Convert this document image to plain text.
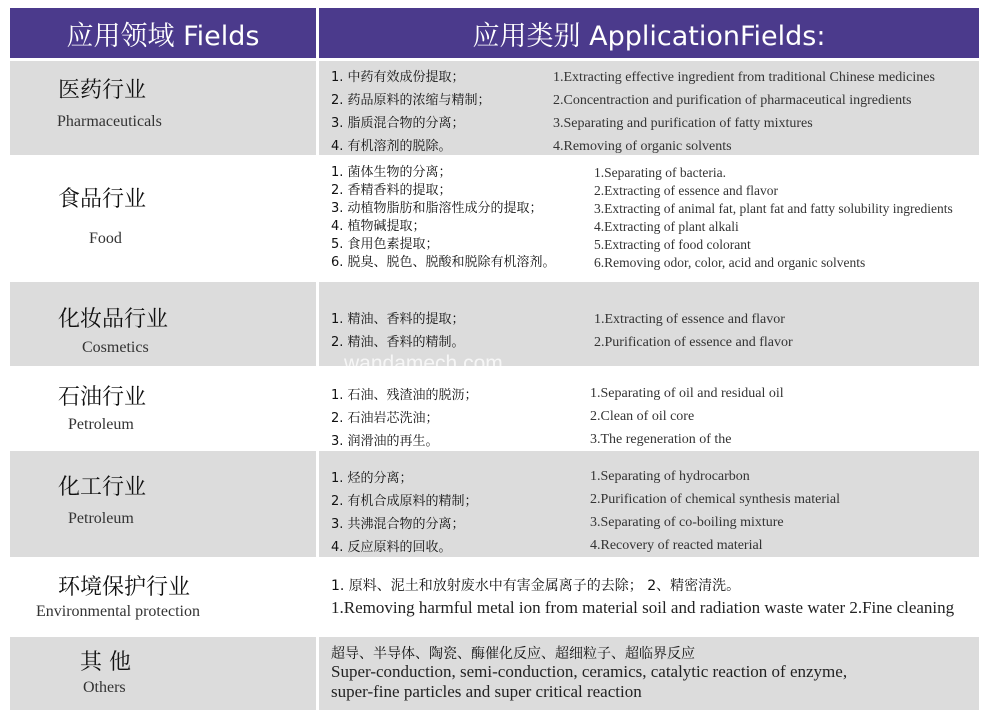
应用领域 Fields	应用类别 ApplicationFields:
医药行业
Pharmaceuticals
1. 中药有效成份提取；
2. 药品原料的浓缩与精制；
3. 脂质混合物的分离；
4. 有机溶剂的脱除。
1.Extracting effective ingredient from traditional Chinese medicines
2.Concentraction and purification of pharmaceutical ingredients
3.Separating and purification of fatty mixtures
4.Removing of organic solvents
食品行业
Food
1. 菌体生物的分离；
2. 香精香料的提取；
3. 动植物脂肪和脂溶性成分的提取；
4. 植物碱提取；
5. 食用色素提取；
6. 脱臭、脱色、脱酸和脱除有机溶剂。
1.Separating of bacteria.
2.Extracting of essence and flavor
3.Extracting of animal fat, plant fat and fatty solubility ingredients
4.Extracting of plant alkali
5.Extracting of food colorant
6.Removing odor, color, acid and organic solvents
化妆品行业
Cosmetics
1. 精油、香料的提取；
2. 精油、香料的精制。
1.Extracting of essence and flavor
2.Purification of essence and flavor
石油行业
Petroleum
1. 石油、残渣油的脱沥；
2. 石油岩芯洗油；
3. 润滑油的再生。
1.Separating of oil and residual oil
2.Clean of oil core
3.The regeneration of the
化工行业
Petroleum
1. 烃的分离；
2. 有机合成原料的精制；
3. 共沸混合物的分离；
4. 反应原料的回收。
1.Separating of hydrocarbon
2.Purification of chemical synthesis material
3.Separating of co-boiling mixture
4.Recovery of reacted material
环境保护行业
Environmental protection
1. 原料、泥土和放射废水中有害金属离子的去除； 2、精密清洗。
1.Removing harmful metal ion from material soil and radiation waste water 2.Fine cleaning
其 他
Others
超导、半导体、陶瓷、酶催化反应、超细粒子、超临界反应
Super-conduction, semi-conduction, ceramics, catalytic reaction of enzyme,
super-fine particles and super critical reaction
wandamech.com
